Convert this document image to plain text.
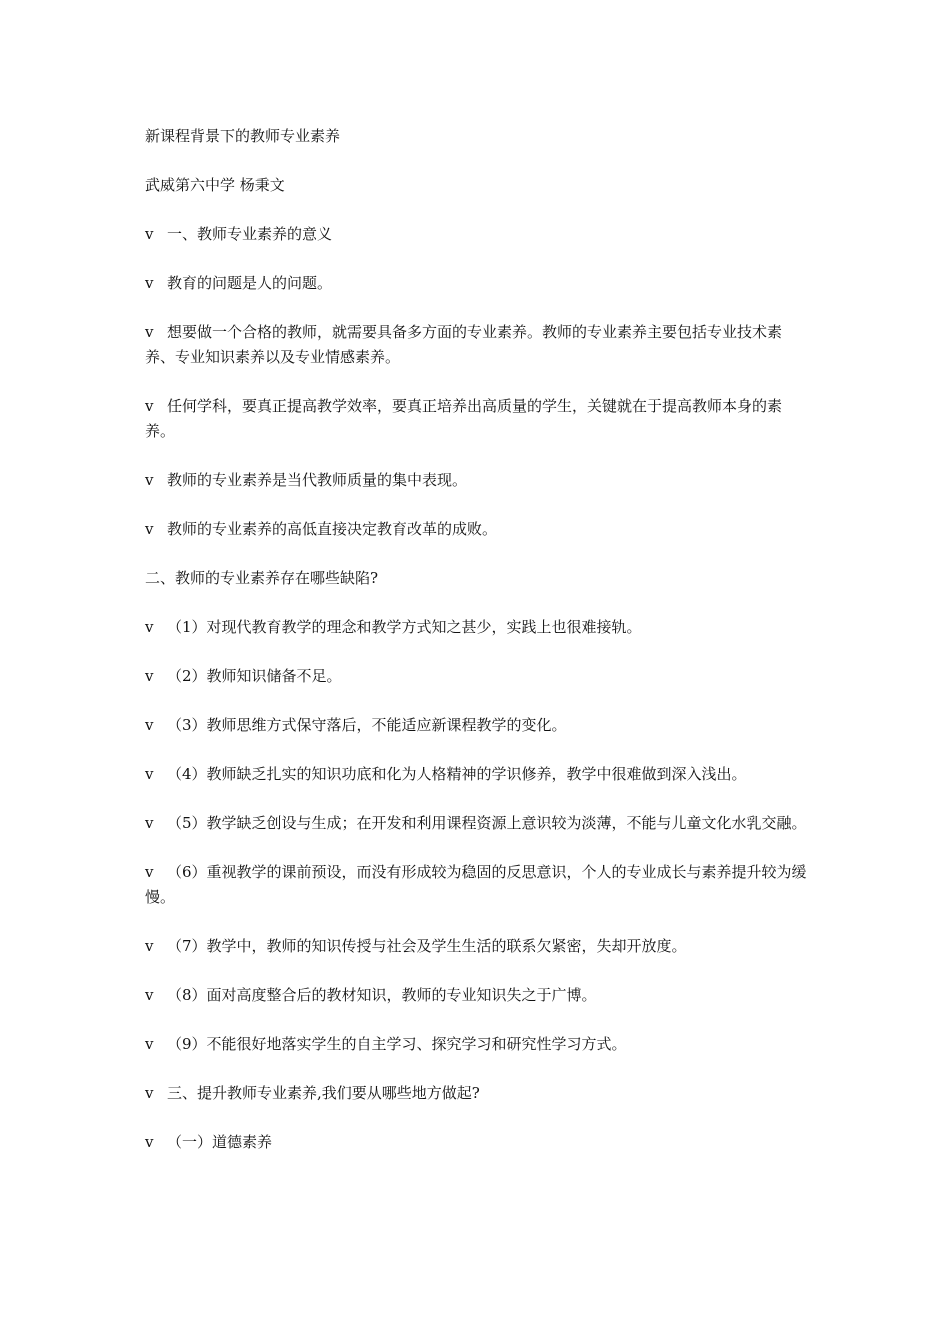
新课程背景下的教师专业素养

武威第六中学 杨秉文

v 一、教师专业素养的意义
v 教育的问题是人的问题。
v 想要做一个合格的教师，就需要具备多方面的专业素养。教师的专业素养主要包括专业技术素养、专业知识素养以及专业情感素养。
v 任何学科，要真正提高教学效率，要真正培养出高质量的学生，关键就在于提高教师本身的素养。
v 教师的专业素养是当代教师质量的集中表现。
v 教师的专业素养的高低直接决定教育改革的成败。

二、教师的专业素养存在哪些缺陷?

v （1）对现代教育教学的理念和教学方式知之甚少，实践上也很难接轨。
v （2）教师知识储备不足。
v （3）教师思维方式保守落后，不能适应新课程教学的变化。
v （4）教师缺乏扎实的知识功底和化为人格精神的学识修养，教学中很难做到深入浅出。
v （5）教学缺乏创设与生成；在开发和利用课程资源上意识较为淡薄，不能与儿童文化水乳交融。
v （6）重视教学的课前预设，而没有形成较为稳固的反思意识，个人的专业成长与素养提升较为缓慢。
v （7）教学中，教师的知识传授与社会及学生生活的联系欠紧密，失却开放度。
v （8）面对高度整合后的教材知识，教师的专业知识失之于广博。
v （9）不能很好地落实学生的自主学习、探究学习和研究性学习方式。
v 三、提升教师专业素养,我们要从哪些地方做起?
v （一）道德素养
